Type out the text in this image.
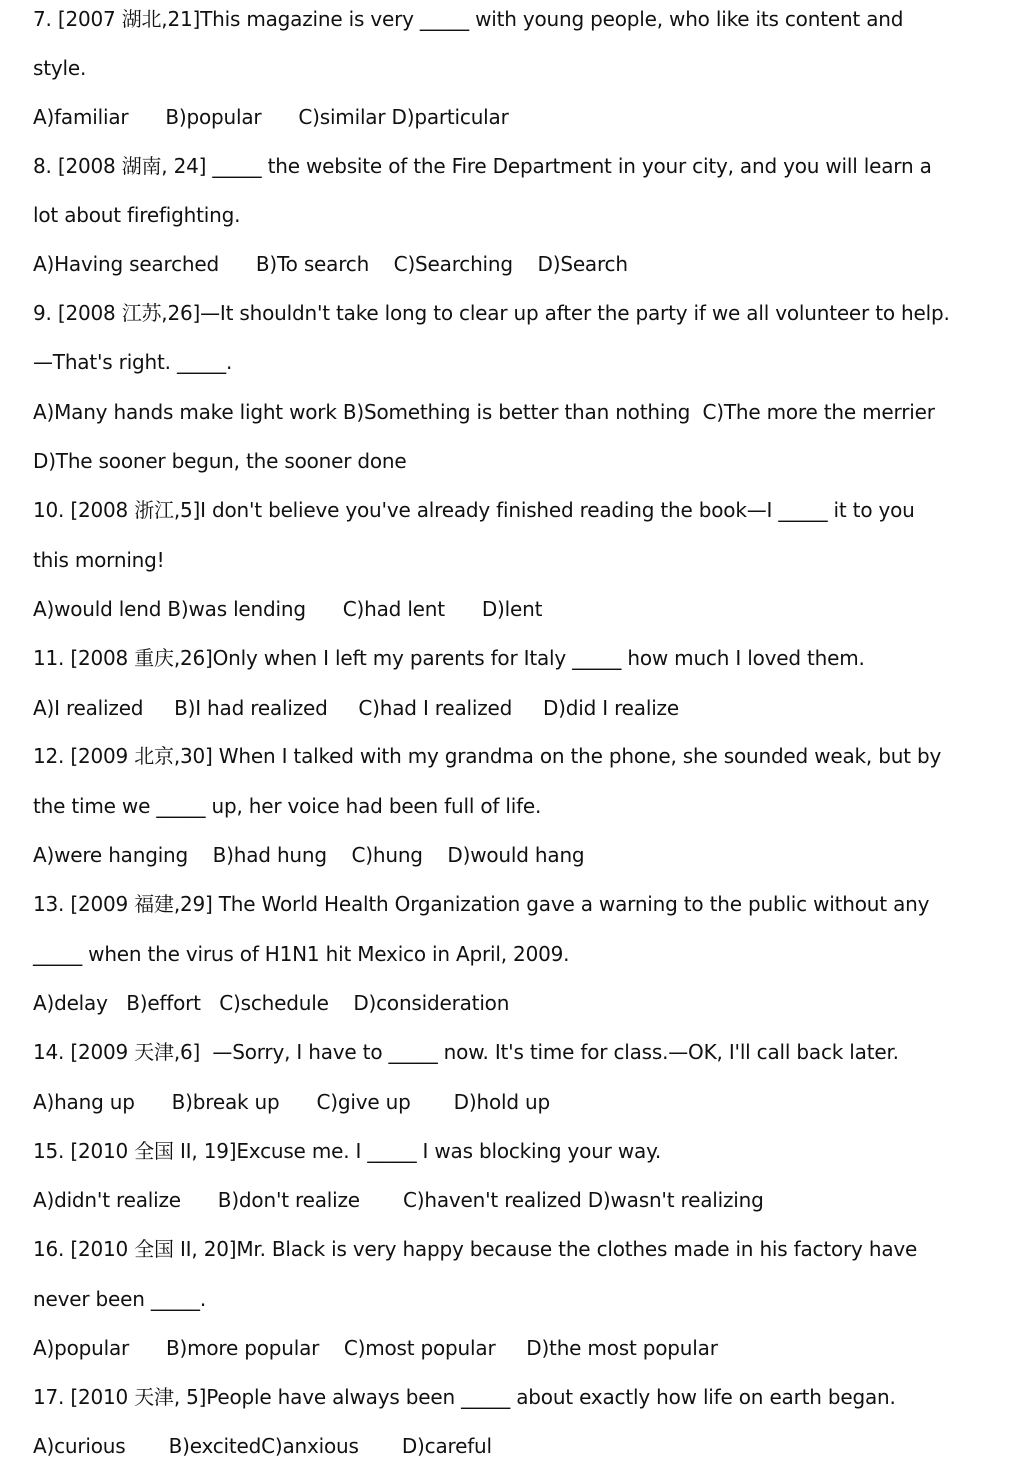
7. [2007 湖北,21]This magazine is very _____ with young people, who like its content and
style.
A)familiar      B)popular      C)similar D)particular
8. [2008 湖南, 24] _____ the website of the Fire Department in your city, and you will learn a
lot about firefighting.
A)Having searched      B)To search    C)Searching    D)Search
9. [2008 江苏,26]—It shouldn't take long to clear up after the party if we all volunteer to help.
—That's right. _____.
A)Many hands make light work B)Something is better than nothing  C)The more the merrier
D)The sooner begun, the sooner done
10. [2008 浙江,5]I don't believe you've already finished reading the book—I _____ it to you
this morning!
A)would lend B)was lending      C)had lent      D)lent
11. [2008 重庆,26]Only when I left my parents for Italy _____ how much I loved them.
A)I realized     B)I had realized     C)had I realized     D)did I realize
12. [2009 北京,30] When I talked with my grandma on the phone, she sounded weak, but by
the time we _____ up, her voice had been full of life.
A)were hanging    B)had hung    C)hung    D)would hang
13. [2009 福建,29] The World Health Organization gave a warning to the public without any
_____ when the virus of H1N1 hit Mexico in April, 2009.
A)delay   B)effort   C)schedule    D)consideration
14. [2009 天津,6]  —Sorry, I have to _____ now. It's time for class.—OK, I'll call back later.
A)hang up      B)break up      C)give up       D)hold up
15. [2010 全国 II, 19]Excuse me. I _____ I was blocking your way.
A)didn't realize      B)don't realize       C)haven't realized D)wasn't realizing
16. [2010 全国 II, 20]Mr. Black is very happy because the clothes made in his factory have
never been _____.
A)popular      B)more popular    C)most popular     D)the most popular
17. [2010 天津, 5]People have always been _____ about exactly how life on earth began.
A)curious       B)excitedC)anxious       D)careful
